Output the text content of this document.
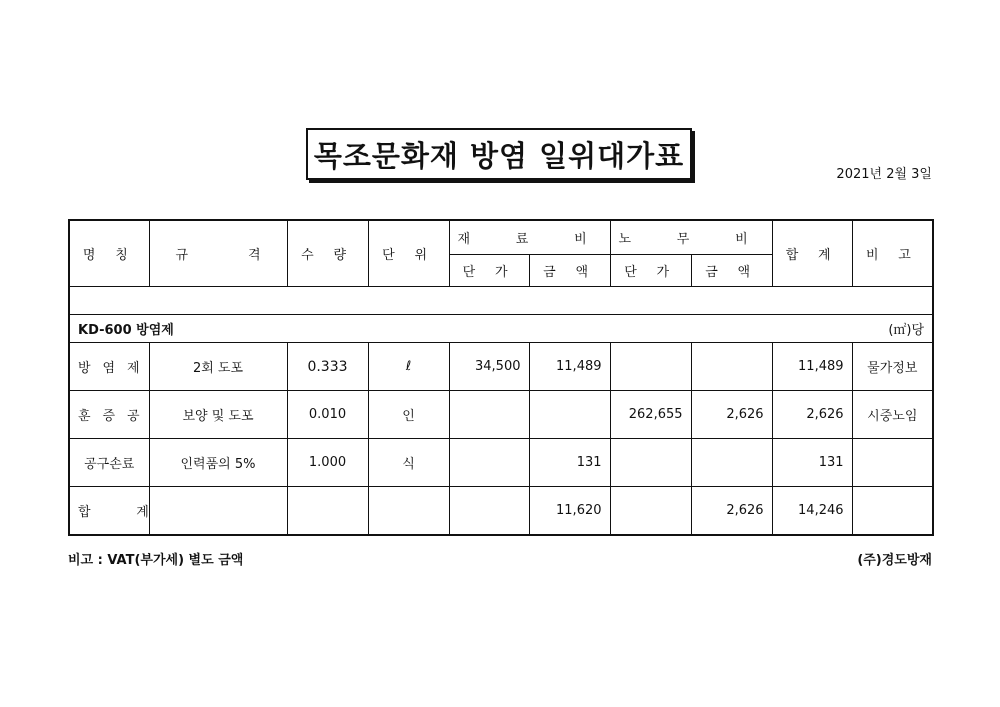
목조문화재 방염 일위대가표
2021년 2월 3일
명 칭	규 격	수 량	단 위	재 료 비		노 무 비		합 계	비 고
				단 가	금 액	단 가	금 액		

KD-600 방염제					(㎡)당				
방 염 제	2회 도포	0.333	ℓ	34,500	11,489			11,489	물가정보
훈 증 공	보양 및 도포	0.010	인			262,655	2,626	2,626	시중노임
공구손료	인력품의 5%	1.000	식		131			131	
합 계					11,620		2,626	14,246	
비고 : VAT(부가세) 별도 금액	(주)경도방재
